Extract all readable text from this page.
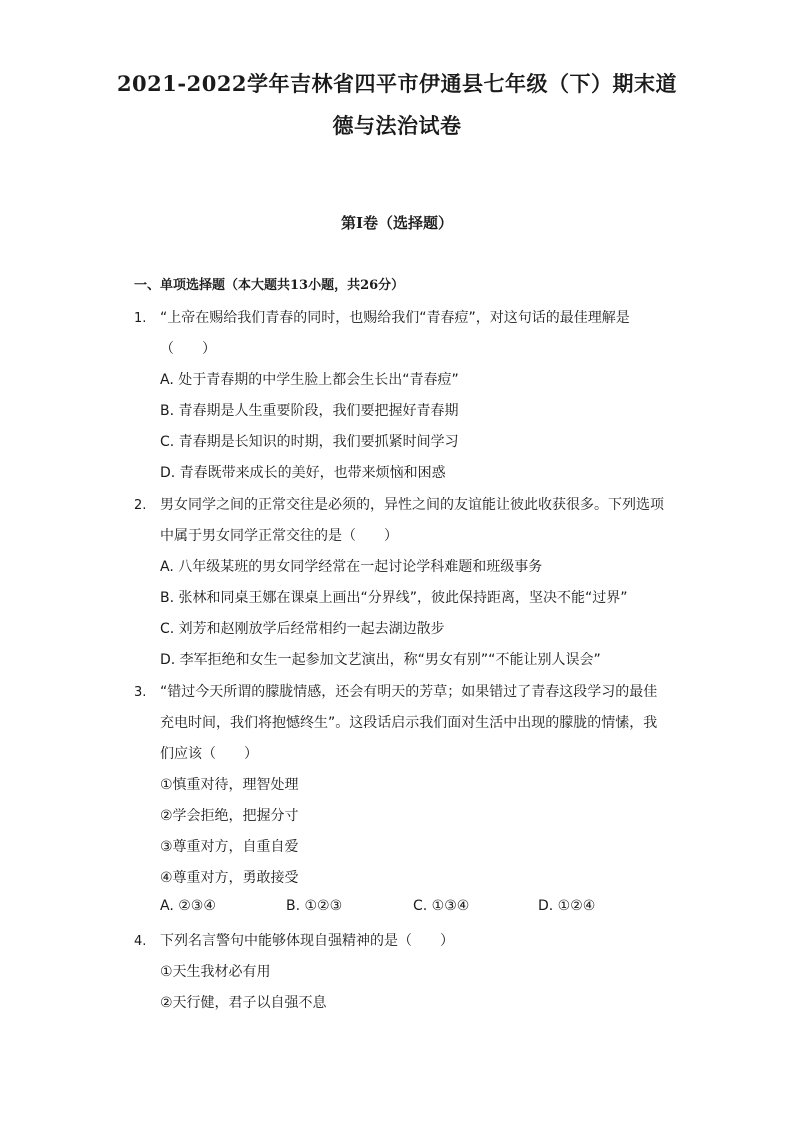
2021-2022学年吉林省四平市伊通县七年级（下）期末道
德与法治试卷
第Ⅰ卷（选择题）
一、单项选择题（本大题共13小题，共26分）
1. “上帝在赐给我们青春的同时，也赐给我们“青春痘”，对这句话的最佳理解是
（　　）
A. 处于青春期的中学生脸上都会生长出“青春痘”
B. 青春期是人生重要阶段，我们要把握好青春期
C. 青春期是长知识的时期，我们要抓紧时间学习
D. 青春既带来成长的美好，也带来烦恼和困惑
2. 男女同学之间的正常交往是必须的，异性之间的友谊能让彼此收获很多。下列选项
中属于男女同学正常交往的是（　　）
A. 八年级某班的男女同学经常在一起讨论学科难题和班级事务
B. 张林和同桌王娜在课桌上画出“分界线”，彼此保持距离，坚决不能“过界”
C. 刘芳和赵刚放学后经常相约一起去湖边散步
D. 李军拒绝和女生一起参加文艺演出，称“男女有别”“不能让别人误会”
3. “错过今天所谓的朦胧情感，还会有明天的芳草；如果错过了青春这段学习的最佳
充电时间，我们将抱憾终生”。这段话启示我们面对生活中出现的朦胧的情愫，我
们应该（　　）
①慎重对待，理智处理
②学会拒绝，把握分寸
③尊重对方，自重自爱
④尊重对方，勇敢接受
A. ②③④	B. ①②③	C. ①③④	D. ①②④
4. 下列名言警句中能够体现自强精神的是（　　）
①天生我材必有用
②天行健，君子以自强不息
